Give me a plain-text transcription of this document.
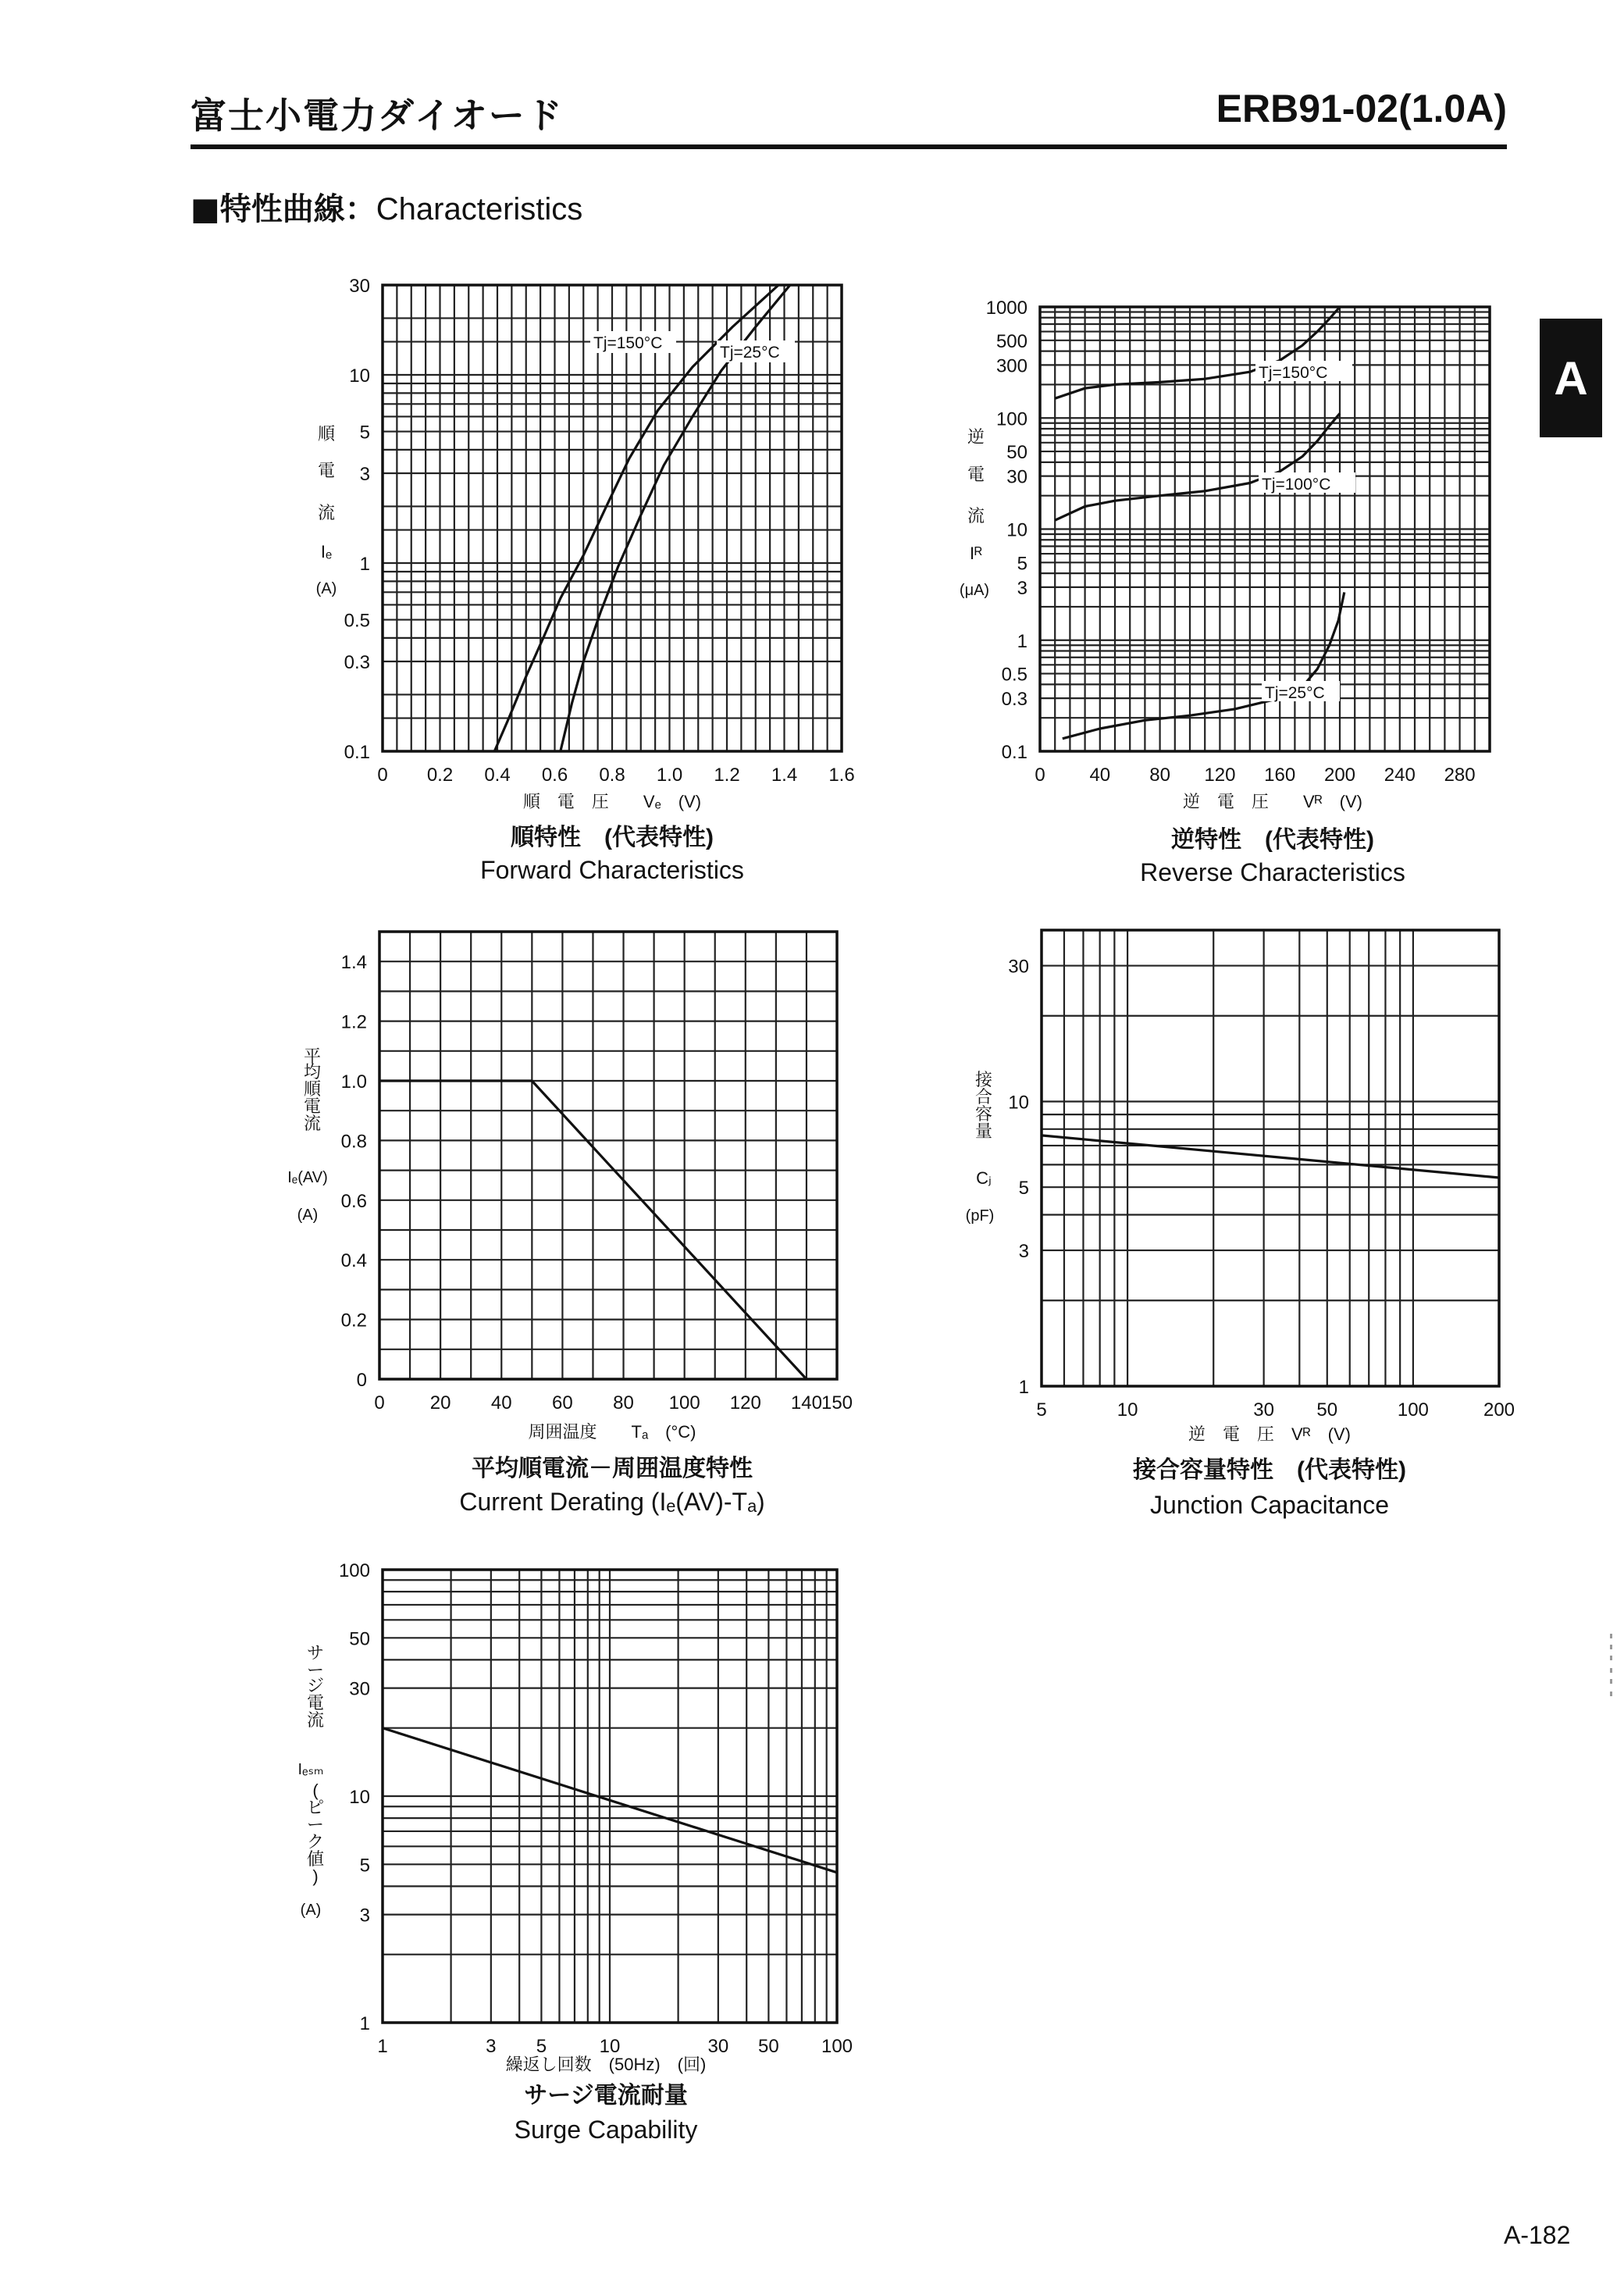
富士小電力ダイオード	ERB91-02(1.0A)
■特性曲線：Characteristics
A
0 0.2 0.4 0.6 0.8 1.0 1.2 1.4 1.6
0.1
0.3
0.5
1
3
5
10
30
Tj=150°C
Tj=25°C
順　電　圧　　Vₑ　(V)
順
電
流
Iₑ
(A)
順特性　(代表特性)
Forward Characteristics
0 40 80 120 160 200 240 280
0.1
0.3
0.5
1
3
5
10
30
50
100
300
500
1000
Tj=150°C
Tj=100°C
Tj=25°C
逆　電　圧　　Vᴿ　(V)
逆
電
流
Iᴿ
(μA)
逆特性　(代表特性)
Reverse Characteristics
0 20 40 60 80 100 120 140 150
0
0.2
0.4
0.6
0.8
1.0
1.2
1.4
周囲温度　　Tₐ　(°C)
平
均
順
電
流
Iₑ(AV)
(A)
平均順電流－周囲温度特性
Current Derating (Iₑ(AV)-Tₐ)
5	10	30 50	100	200
1
3
5
10
30
逆　電　圧　Vᴿ　(V)
接
合
容
量
Cⱼ
(pF)
接合容量特性　(代表特性)
Junction Capacitance
1	3 5	10	30 50 100
1
3
5
10
30
50
100
繰返し回数　(50Hz)　(回)
サ
ー
ジ
電
流
Iₑₛₘ
(
ピ
ー
ク
値
)
(A)
サージ電流耐量
Surge Capability
A-182
